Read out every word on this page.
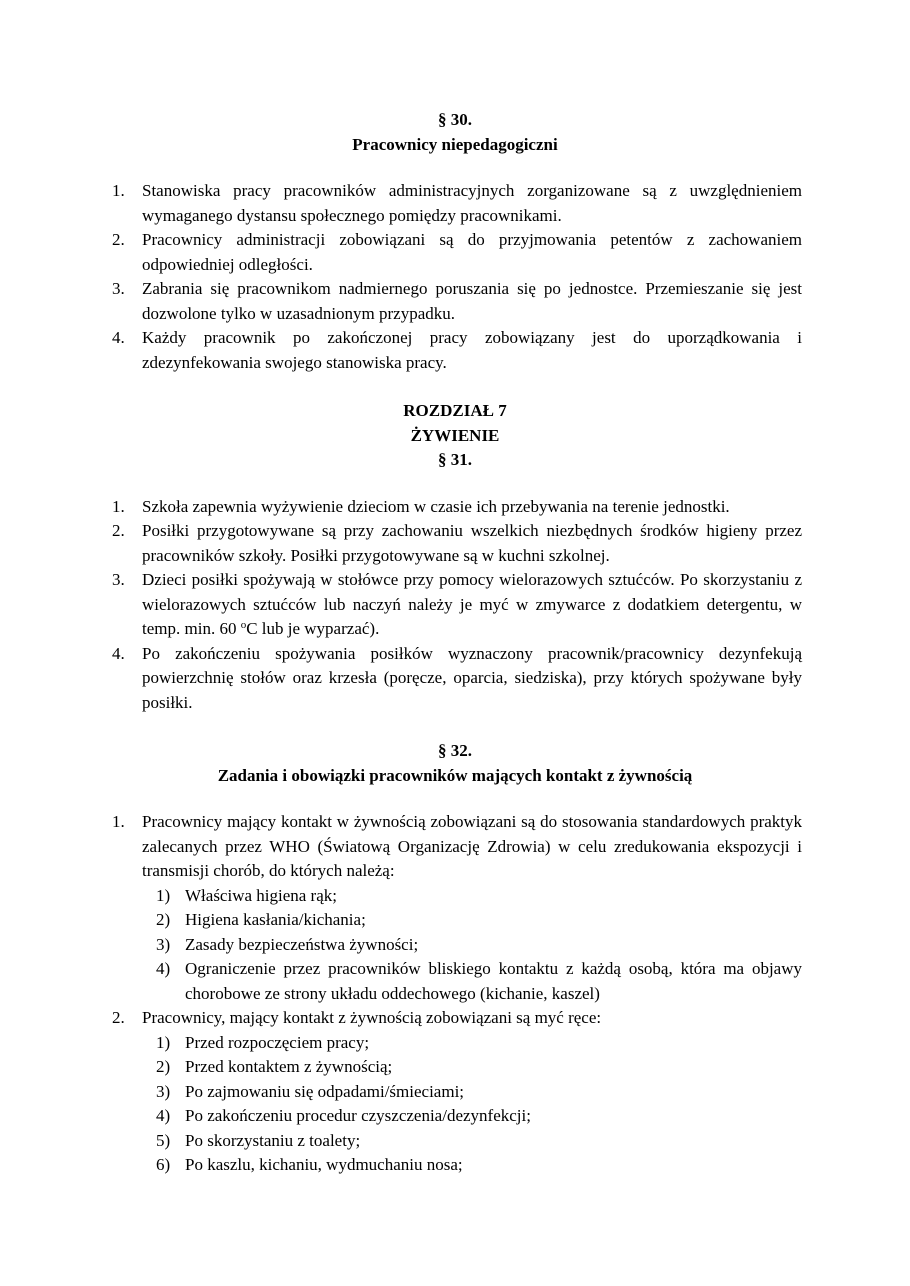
§ 30.

Pracownicy niepedagogiczni

1. Stanowiska pracy pracowników administracyjnych zorganizowane są z uwzględnieniem wymaganego dystansu społecznego pomiędzy pracownikami.
2. Pracownicy administracji zobowiązani są do przyjmowania petentów z zachowaniem odpowiedniej odległości.
3. Zabrania się pracownikom nadmiernego poruszania się po jednostce. Przemieszanie się jest dozwolone tylko w uzasadnionym przypadku.
4. Każdy pracownik po zakończonej pracy zobowiązany jest do uporządkowania i zdezynfekowania swojego stanowiska pracy.

ROZDZIAŁ 7

ŻYWIENIE

§ 31.

1. Szkoła zapewnia wyżywienie dzieciom w czasie ich przebywania na terenie jednostki.
2. Posiłki przygotowywane są przy zachowaniu wszelkich niezbędnych środków higieny przez pracowników szkoły. Posiłki przygotowywane są w kuchni szkolnej.
3. Dzieci posiłki spożywają w stołówce przy pomocy wielorazowych sztućców. Po skorzystaniu z wielorazowych sztućców lub naczyń należy je myć w zmywarce z dodatkiem detergentu, w temp. min. 60 $^o$C lub je wyparzać).
4. Po zakończeniu spożywania posiłków wyznaczony pracownik/pracownicy dezynfekują powierzchnię stołów oraz krzesła (poręcze, oparcia, siedziska), przy których spożywane były posiłki.

§ 32.

Zadania i obowiązki pracowników mających kontakt z żywnością

1. Pracownicy mający kontakt w żywnością zobowiązani są do stosowania standardowych praktyk zalecanych przez WHO (Światową Organizację Zdrowia) w celu zredukowania ekspozycji i transmisji chorób, do których należą:
1) Właściwa higiena rąk;
2) Higiena kasłania/kichania;
3) Zasady bezpieczeństwa żywności;
4) Ograniczenie przez pracowników bliskiego kontaktu z każdą osobą, która ma objawy chorobowe ze strony układu oddechowego (kichanie, kaszel)
2. Pracownicy, mający kontakt z żywnością zobowiązani są myć ręce:
1) Przed rozpoczęciem pracy;
2) Przed kontaktem z żywnością;
3) Po zajmowaniu się odpadami/śmieciami;
4) Po zakończeniu procedur czyszczenia/dezynfekcji;
5) Po skorzystaniu z toalety;
6) Po kaszlu, kichaniu, wydmuchaniu nosa;
